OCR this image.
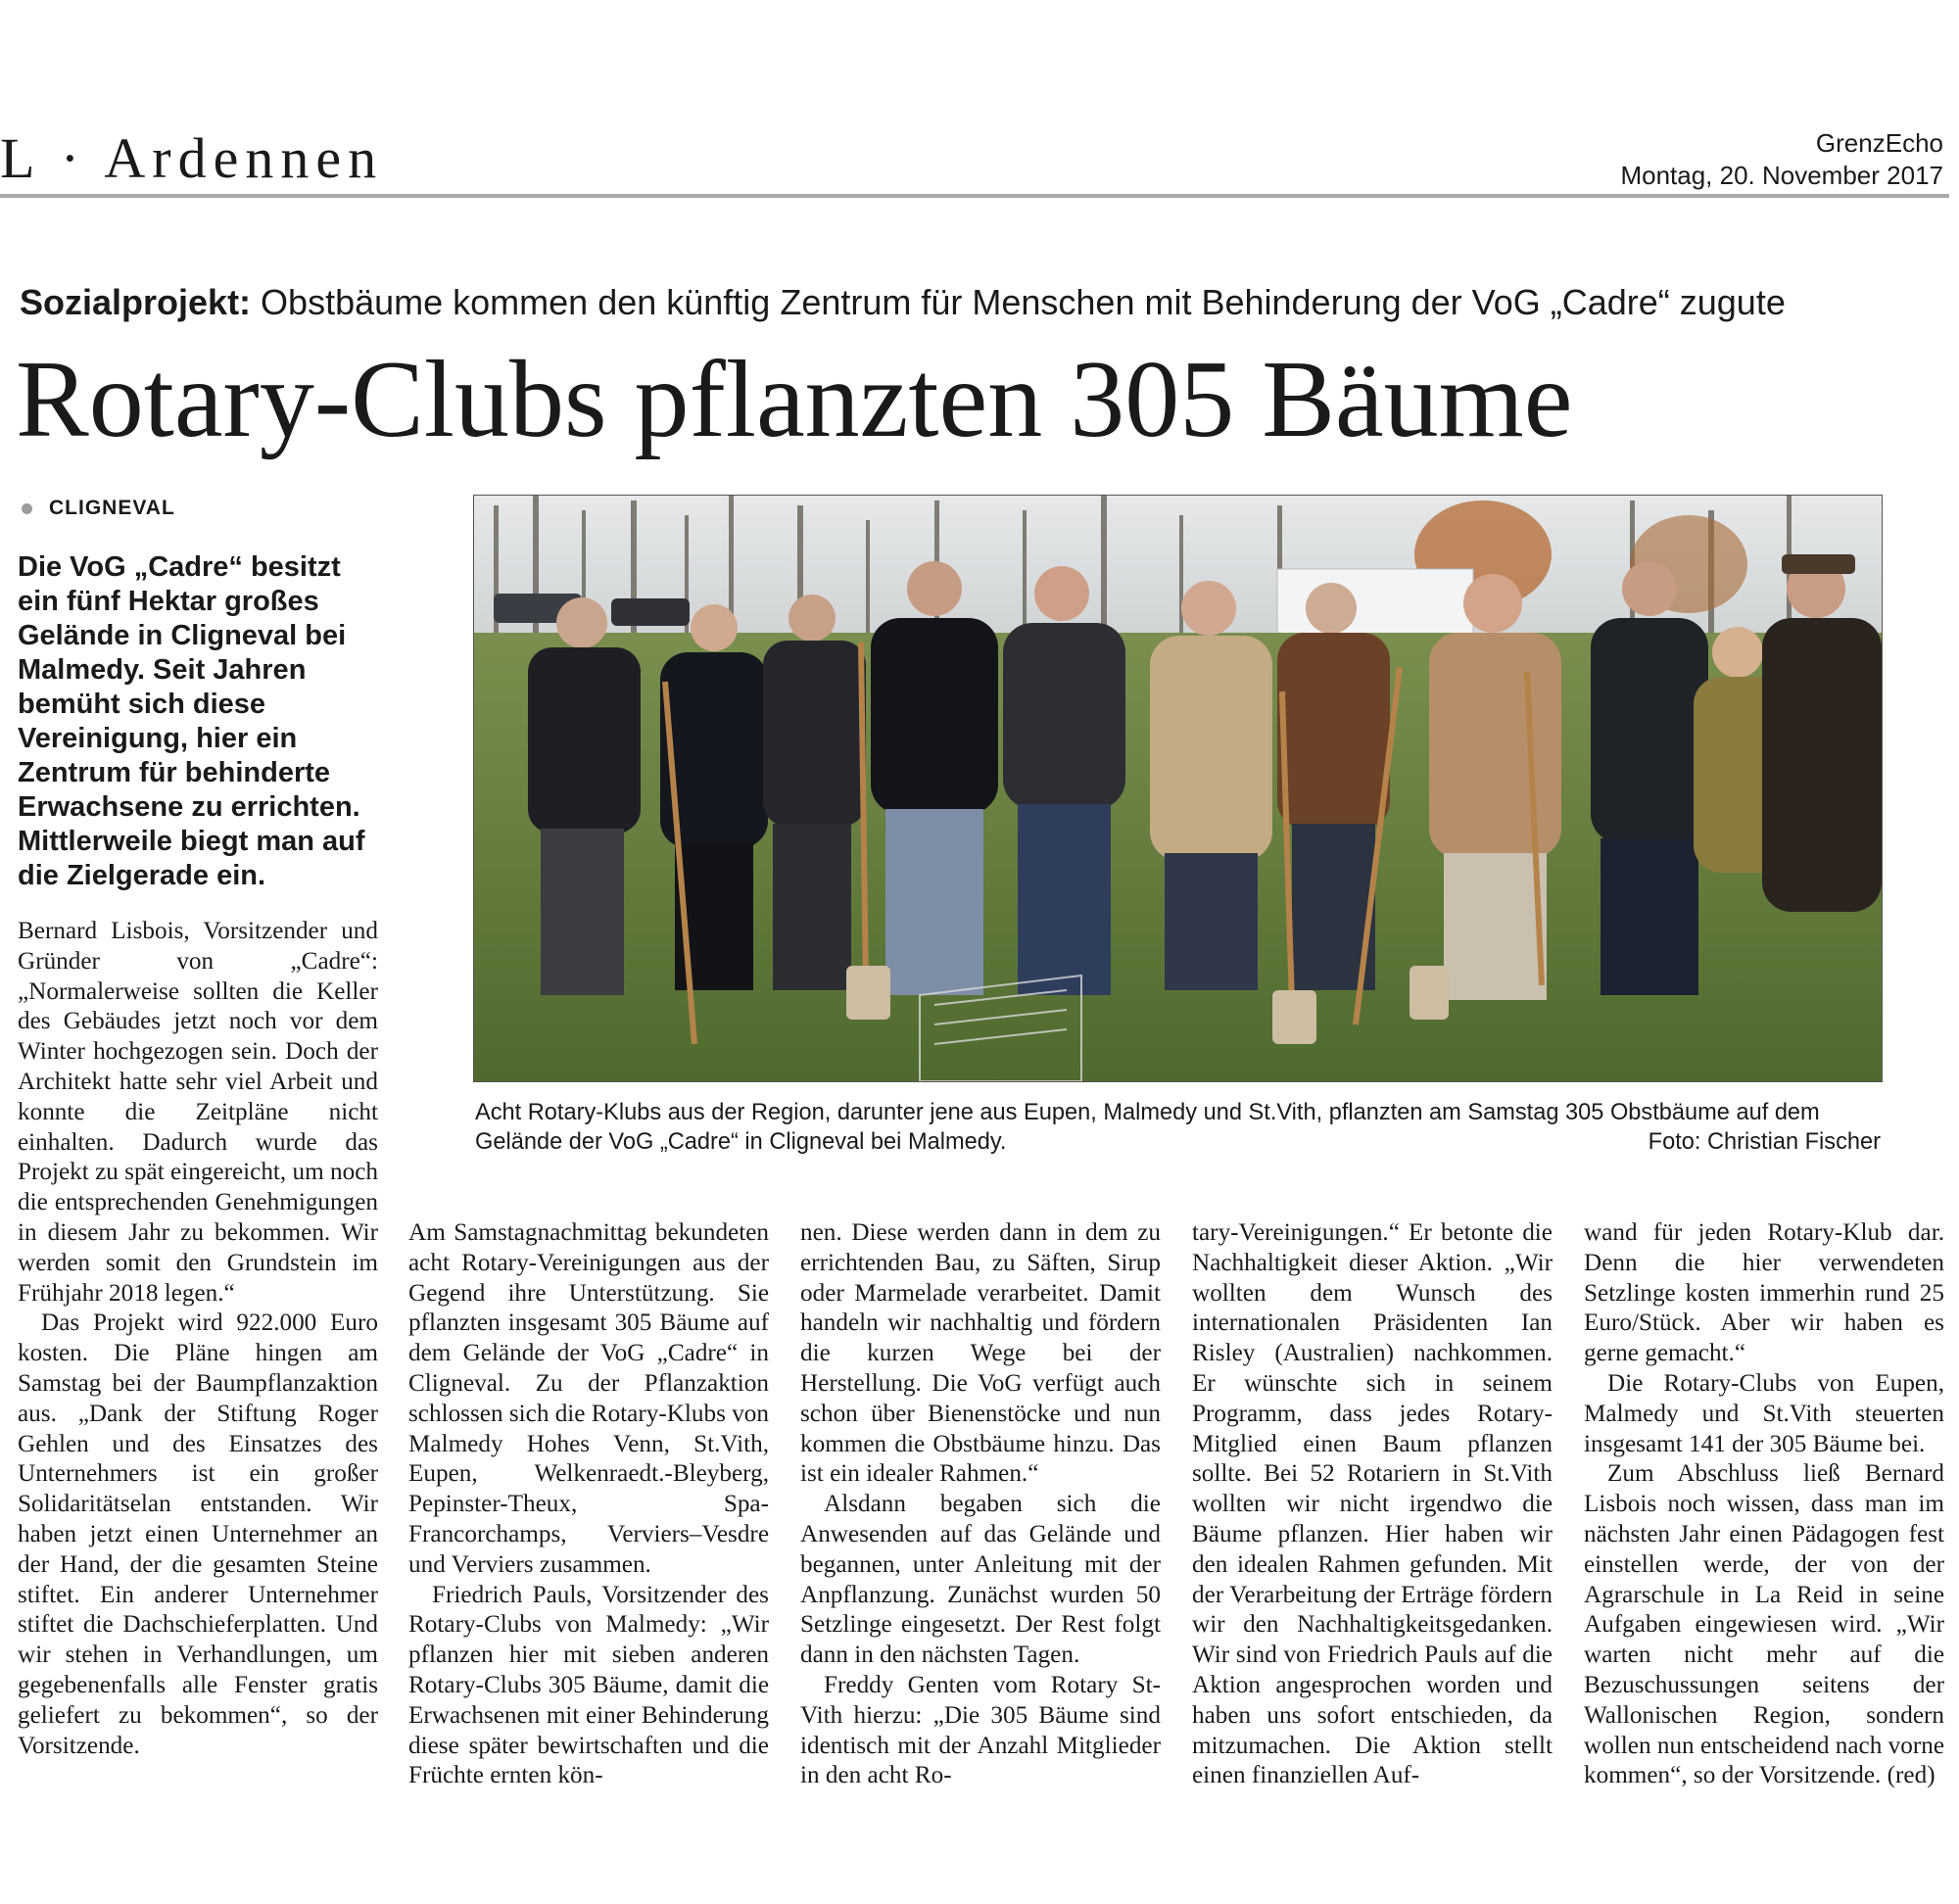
L · Ardennen	GrenzEcho
Montag, 20. November 2017
Sozialprojekt: Obstbäume kommen den künftig Zentrum für Menschen mit Behinderung der VoG „Cadre“ zugute
Rotary-Clubs pflanzten 305 Bäume
CLIGNEVAL
Die VoG „Cadre“ besitzt ein fünf Hektar großes Gelände in Cligneval bei Malmedy. Seit Jahren bemüht sich diese Vereinigung, hier ein Zentrum für behinderte Erwachsene zu errichten. Mittlerweile biegt man auf die Zielgerade ein.

Bernard Lisbois, Vorsitzender und Gründer von „Cadre“: „Normalerweise sollten die Keller des Gebäudes jetzt noch vor dem Winter hochgezogen sein. Doch der Architekt hatte sehr viel Arbeit und konnte die Zeitpläne nicht einhalten. Dadurch wurde das Projekt zu spät eingereicht, um noch die entsprechenden Genehmigungen in diesem Jahr zu bekommen. Wir werden somit den Grundstein im Frühjahr 2018 legen.“

Das Projekt wird 922.000 Euro kosten. Die Pläne hingen am Samstag bei der Baumpflanzaktion aus. „Dank der Stiftung Roger Gehlen und des Einsatzes des Unternehmers ist ein großer Solidaritätselan entstanden. Wir haben jetzt einen Unternehmer an der Hand, der die gesamten Steine stiftet. Ein anderer Unternehmer stiftet die Dachschieferplatten. Und wir stehen in Verhandlungen, um gegebenenfalls alle Fenster gratis geliefert zu bekommen“, so der Vorsitzende.

Acht Rotary-Klubs aus der Region, darunter jene aus Eupen, Malmedy und St.Vith, pflanzten am Samstag 305 Obstbäume auf dem Gelände der VoG „Cadre“ in Cligneval bei Malmedy.	Foto: Christian Fischer

Am Samstagnachmittag bekundeten acht Rotary-Vereinigungen aus der Gegend ihre Unterstützung. Sie pflanzten insgesamt 305 Bäume auf dem Gelände der VoG „Cadre“ in Cligneval. Zu der Pflanzaktion schlossen sich die Rotary-Klubs von Malmedy Hohes Venn, St.Vith, Eupen, Welkenraedt.-Bleyberg, Pepinster-Theux, Spa-Francorchamps, Verviers–Vesdre und Verviers zusammen.

Friedrich Pauls, Vorsitzender des Rotary-Clubs von Malmedy: „Wir pflanzen hier mit sieben anderen Rotary-Clubs 305 Bäume, damit die Erwachsenen mit einer Behinderung diese später bewirtschaften und die Früchte ernten kön-

nen. Diese werden dann in dem zu errichtenden Bau, zu Säften, Sirup oder Marmelade verarbeitet. Damit handeln wir nachhaltig und fördern die kurzen Wege bei der Herstellung. Die VoG verfügt auch schon über Bienenstöcke und nun kommen die Obstbäume hinzu. Das ist ein idealer Rahmen.“

Alsdann begaben sich die Anwesenden auf das Gelände und begannen, unter Anleitung mit der Anpflanzung. Zunächst wurden 50 Setzlinge eingesetzt. Der Rest folgt dann in den nächsten Tagen.

Freddy Genten vom Rotary St-Vith hierzu: „Die 305 Bäume sind identisch mit der Anzahl Mitglieder in den acht Ro-

tary-Vereinigungen.“ Er betonte die Nachhaltigkeit dieser Aktion. „Wir wollten dem Wunsch des internationalen Präsidenten Ian Risley (Australien) nachkommen. Er wünschte sich in seinem Programm, dass jedes Rotary-Mitglied einen Baum pflanzen sollte. Bei 52 Rotariern in St.Vith wollten wir nicht irgendwo die Bäume pflanzen. Hier haben wir den idealen Rahmen gefunden. Mit der Verarbeitung der Erträge fördern wir den Nachhaltigkeitsgedanken. Wir sind von Friedrich Pauls auf die Aktion angesprochen worden und haben uns sofort entschieden, da mitzumachen. Die Aktion stellt einen finanziellen Auf-

wand für jeden Rotary-Klub dar. Denn die hier verwendeten Setzlinge kosten immerhin rund 25 Euro/Stück. Aber wir haben es gerne gemacht.“

Die Rotary-Clubs von Eupen, Malmedy und St.Vith steuerten insgesamt 141 der 305 Bäume bei.

Zum Abschluss ließ Bernard Lisbois noch wissen, dass man im nächsten Jahr einen Pädagogen fest einstellen werde, der von der Agrarschule in La Reid in seine Aufgaben eingewiesen wird. „Wir warten nicht mehr auf die Bezuschussungen seitens der Wallonischen Region, sondern wollen nun entscheidend nach vorne kommen“, so der Vorsitzende. (red)
